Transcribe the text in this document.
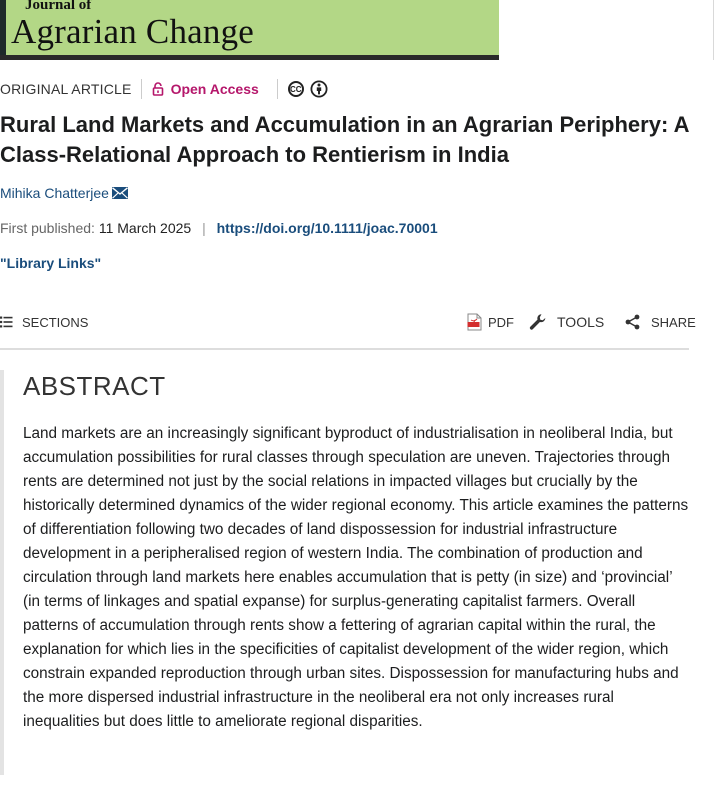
Journal of
Agrarian Change
ORIGINAL ARTICLE	Open Access	CC
Rural Land Markets and Accumulation in an Agrarian Periphery: A Class-Relational Approach to Rentierism in India
Mihika Chatterjee
First published: 11 March 2025 | https://doi.org/10.1111/joac.70001
"Library Links"
SECTIONS	PDF	TOOLS	SHARE
ABSTRACT

Land markets are an increasingly significant byproduct of industrialisation in neoliberal India, but accumulation possibilities for rural classes through speculation are uneven. Trajectories through rents are determined not just by the social relations in impacted villages but crucially by the historically determined dynamics of the wider regional economy. This article examines the patterns of differentiation following two decades of land dispossession for industrial infrastructure development in a peripheralised region of western India. The combination of production and circulation through land markets here enables accumulation that is petty (in size) and ‘provincial’ (in terms of linkages and spatial expanse) for surplus-generating capitalist farmers. Overall patterns of accumulation through rents show a fettering of agrarian capital within the rural, the explanation for which lies in the specificities of capitalist development of the wider region, which constrain expanded reproduction through urban sites. Dispossession for manufacturing hubs and the more dispersed industrial infrastructure in the neoliberal era not only increases rural inequalities but does little to ameliorate regional disparities.
